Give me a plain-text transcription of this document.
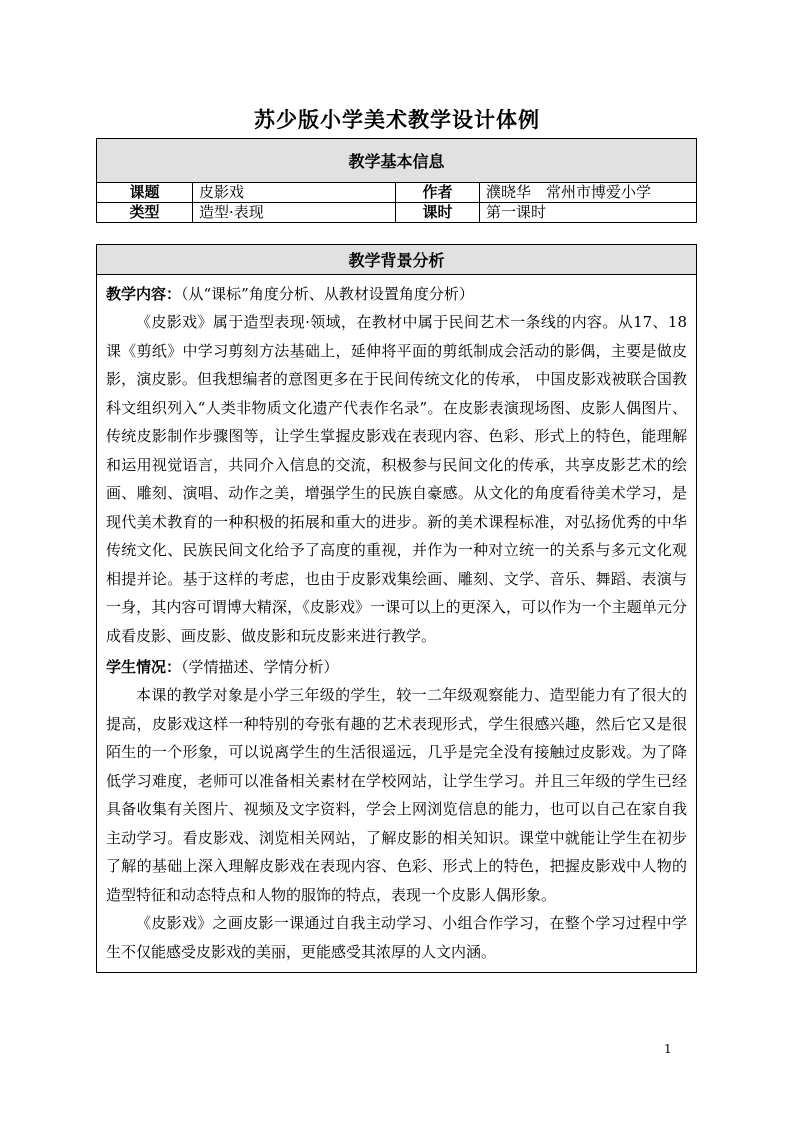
苏少版小学美术教学设计体例
教学基本信息			
课题	皮影戏	作者	濮晓华　常州市博爱小学
类型	造型·表现	课时	第一课时
教学背景分析

教学内容：（从“课标”角度分析、从教材设置角度分析）

《皮影戏》属于造型表现·领域，在教材中属于民间艺术一条线的内容。从17、18课《剪纸》中学习剪刻方法基础上，延伸将平面的剪纸制成会活动的影偶，主要是做皮影，演皮影。但我想编者的意图更多在于民间传统文化的传承， 中国皮影戏被联合国教科文组织列入“人类非物质文化遗产代表作名录”。在皮影表演现场图、皮影人偶图片、传统皮影制作步骤图等，让学生掌握皮影戏在表现内容、色彩、形式上的特色，能理解和运用视觉语言，共同介入信息的交流，积极参与民间文化的传承，共享皮影艺术的绘画、雕刻、演唱、动作之美，增强学生的民族自豪感。从文化的角度看待美术学习，是现代美术教育的一种积极的拓展和重大的进步。新的美术课程标准，对弘扬优秀的中华传统文化、民族民间文化给予了高度的重视，并作为一种对立统一的关系与多元文化观相提并论。基于这样的考虑，也由于皮影戏集绘画、雕刻、文学、音乐、舞蹈、表演与一身，其内容可谓博大精深，《皮影戏》一课可以上的更深入，可以作为一个主题单元分成看皮影、画皮影、做皮影和玩皮影来进行教学。

学生情况：（学情描述、学情分析）

本课的教学对象是小学三年级的学生，较一二年级观察能力、造型能力有了很大的提高，皮影戏这样一种特别的夸张有趣的艺术表现形式，学生很感兴趣，然后它又是很陌生的一个形象，可以说离学生的生活很遥远，几乎是完全没有接触过皮影戏。为了降低学习难度，老师可以准备相关素材在学校网站，让学生学习。并且三年级的学生已经具备收集有关图片、视频及文字资料，学会上网浏览信息的能力，也可以自己在家自我主动学习。看皮影戏、浏览相关网站，了解皮影的相关知识。课堂中就能让学生在初步了解的基础上深入理解皮影戏在表现内容、色彩、形式上的特色，把握皮影戏中人物的造型特征和动态特点和人物的服饰的特点，表现一个皮影人偶形象。

《皮影戏》之画皮影一课通过自我主动学习、小组合作学习，在整个学习过程中学生不仅能感受皮影戏的美丽，更能感受其浓厚的人文内涵。

1
